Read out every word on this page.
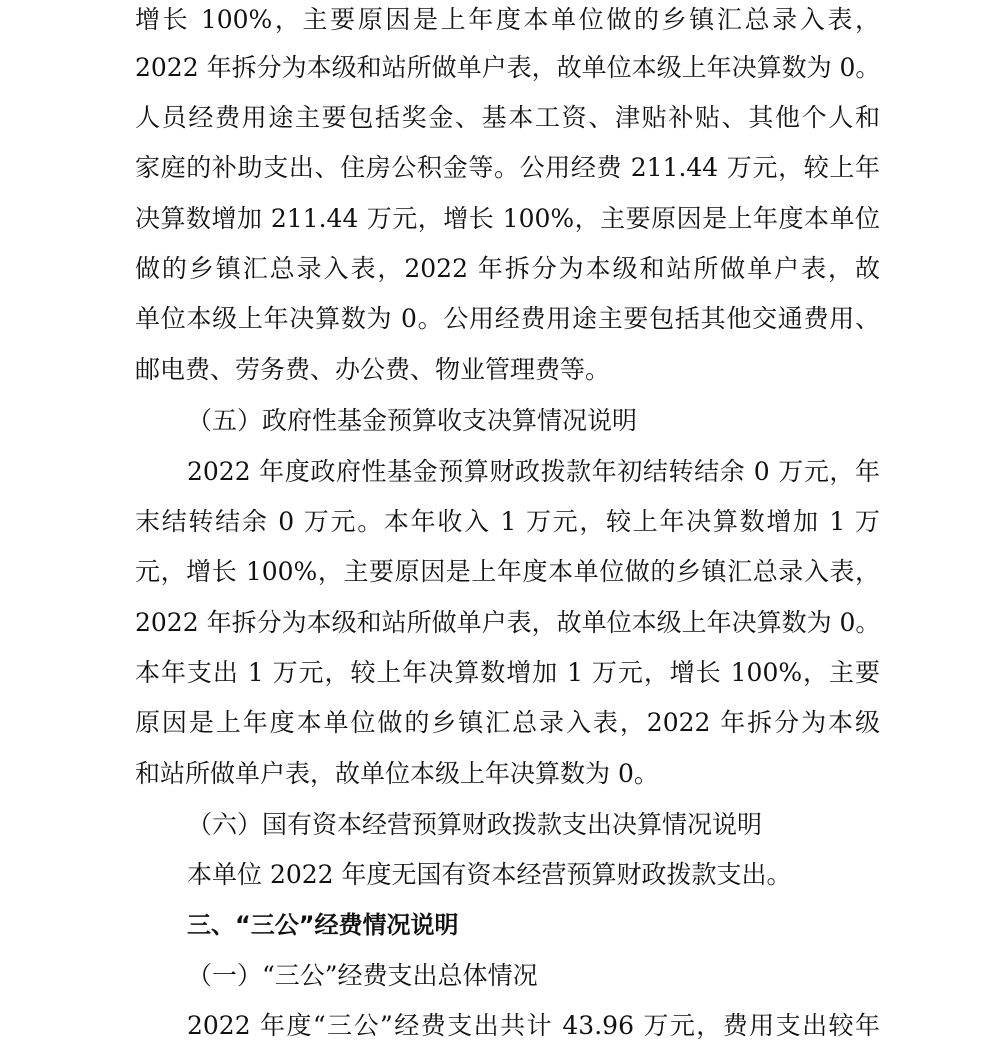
增长 100%，主要原因是上年度本单位做的乡镇汇总录入表，
2022 年拆分为本级和站所做单户表，故单位本级上年决算数为 0。
人员经费用途主要包括奖金、基本工资、津贴补贴、其他个人和
家庭的补助支出、住房公积金等。公用经费 211.44 万元，较上年
决算数增加 211.44 万元，增长 100%，主要原因是上年度本单位
做的乡镇汇总录入表，2022 年拆分为本级和站所做单户表，故
单位本级上年决算数为 0。公用经费用途主要包括其他交通费用、
邮电费、劳务费、办公费、物业管理费等。
（五）政府性基金预算收支决算情况说明
2022 年度政府性基金预算财政拨款年初结转结余 0 万元，年
末结转结余 0 万元。本年收入 1 万元，较上年决算数增加 1 万
元，增长 100%，主要原因是上年度本单位做的乡镇汇总录入表，
2022 年拆分为本级和站所做单户表，故单位本级上年决算数为 0。
本年支出 1 万元，较上年决算数增加 1 万元，增长 100%，主要
原因是上年度本单位做的乡镇汇总录入表，2022 年拆分为本级
和站所做单户表，故单位本级上年决算数为 0。
（六）国有资本经营预算财政拨款支出决算情况说明
本单位 2022 年度无国有资本经营预算财政拨款支出。
三、“三公”经费情况说明
（一）“三公”经费支出总体情况
2022 年度“三公”经费支出共计 43.96 万元，费用支出较年
